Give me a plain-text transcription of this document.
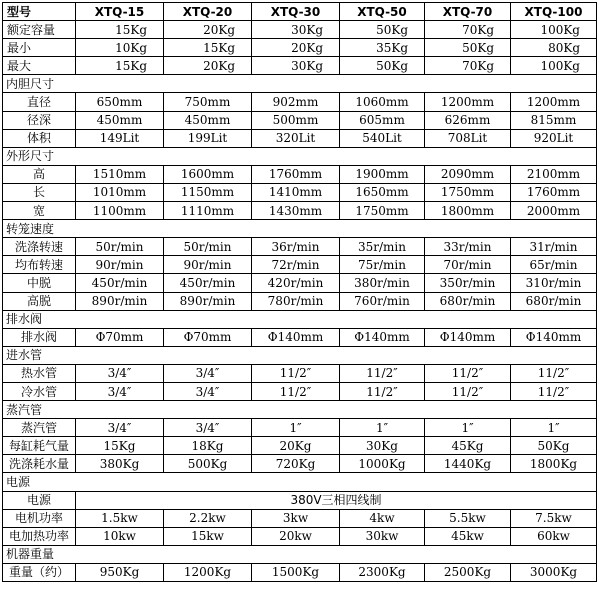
型号	XTQ-15	XTQ-20	XTQ-30	XTQ-50	XTQ-70	XTQ-100
额定容量	15Kg	20Kg	30Kg	50Kg	70Kg	100Kg
最小	10Kg	15Kg	20Kg	35Kg	50Kg	80Kg
最大	15Kg	20Kg	30Kg	50Kg	70Kg	100Kg
内胆尺寸						
直径	650mm	750mm	902mm	1060mm	1200mm	1200mm
径深	450mm	450mm	500mm	605mm	626mm	815mm
体积	149Lit	199Lit	320Lit	540Lit	708Lit	920Lit
外形尺寸						
高	1510mm	1600mm	1760mm	1900mm	2090mm	2100mm
长	1010mm	1150mm	1410mm	1650mm	1750mm	1760mm
宽	1100mm	1110mm	1430mm	1750mm	1800mm	2000mm
转笼速度						
洗涤转速	50r/min	50r/min	36r/min	35r/min	33r/min	31r/min
均布转速	90r/min	90r/min	72r/min	75r/min	70r/min	65r/min
中脱	450r/min	450r/min	420r/min	380r/min	350r/min	310r/min
高脱	890r/min	890r/min	780r/min	760r/min	680r/min	680r/min
排水阀						
排水阀	Φ70mm	Φ70mm	Φ140mm	Φ140mm	Φ140mm	Φ140mm
进水管						
热水管	3/4″	3/4″	11/2″	11/2″	11/2″	11/2″
冷水管	3/4″	3/4″	11/2″	11/2″	11/2″	11/2″
蒸汽管						
蒸汽管	3/4″	3/4″	1″	1″	1″	1″
每缸耗气量	15Kg	18Kg	20Kg	30Kg	45Kg	50Kg
洗涤耗水量	380Kg	500Kg	720Kg	1000Kg	1440Kg	1800Kg
电源						
电源	380V三相四线制					
电机功率	1.5kw	2.2kw	3kw	4kw	5.5kw	7.5kw
电加热功率	10kw	15kw	20kw	30kw	45kw	60kw
机器重量						
重量（约）	950Kg	1200Kg	1500Kg	2300Kg	2500Kg	3000Kg
